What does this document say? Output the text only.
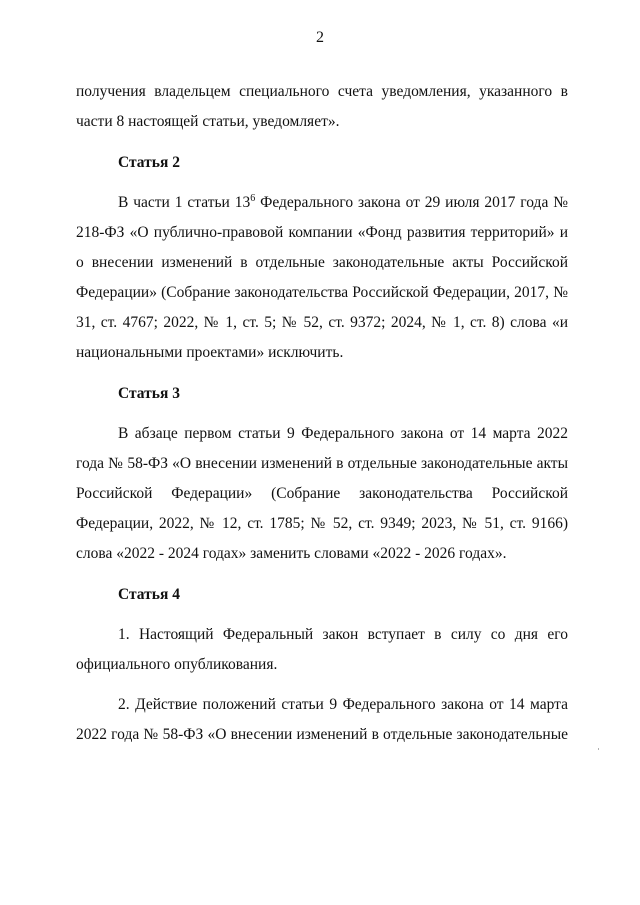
2

получения владельцем специального счета уведомления, указанного в части 8 настоящей статьи, уведомляет».

Статья 2

В части 1 статьи $13^6$ Федерального закона от 29 июля 2017 года № 218-ФЗ «О публично-правовой компании «Фонд развития территорий» и о внесении изменений в отдельные законодательные акты Российской Федерации» (Собрание законодательства Российской Федерации, 2017, № 31, ст. 4767; 2022, № 1, ст. 5; № 52, ст. 9372; 2024, № 1, ст. 8) слова «и национальными проектами» исключить.

Статья 3

В абзаце первом статьи 9 Федерального закона от 14 марта 2022 года № 58-ФЗ «О внесении изменений в отдельные законодательные акты Российской Федерации» (Собрание законодательства Российской Федерации, 2022, № 12, ст. 1785; № 52, ст. 9349; 2023, № 51, ст. 9166) слова «2022 - 2024 годах» заменить словами «2022 - 2026 годах».

Статья 4

1. Настоящий Федеральный закон вступает в силу со дня его официального опубликования.

2. Действие положений статьи 9 Федерального закона от 14 марта 2022 года № 58-ФЗ «О внесении изменений в отдельные законодательные
